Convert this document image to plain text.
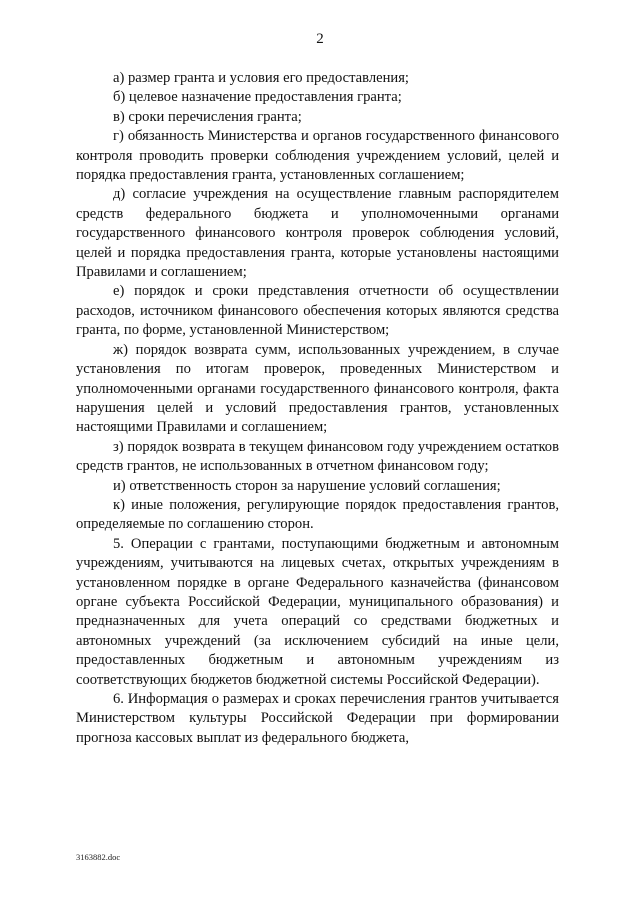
2

а) размер гранта и условия его предоставления;

б) целевое назначение предоставления гранта;

в) сроки перечисления гранта;

г) обязанность Министерства и органов государственного финансового контроля проводить проверки соблюдения учреждением условий, целей и порядка предоставления гранта, установленных соглашением;

д) согласие учреждения на осуществление главным распорядителем средств федерального бюджета и уполномоченными органами государственного финансового контроля проверок соблюдения условий, целей и порядка предоставления гранта, которые установлены настоящими Правилами и соглашением;

е) порядок и сроки представления отчетности об осуществлении расходов, источником финансового обеспечения которых являются средства гранта, по форме, установленной Министерством;

ж) порядок возврата сумм, использованных учреждением, в случае установления по итогам проверок, проведенных Министерством и уполномоченными органами государственного финансового контроля, факта нарушения целей и условий предоставления грантов, установленных настоящими Правилами и соглашением;

з) порядок возврата в текущем финансовом году учреждением остатков средств грантов, не использованных в отчетном финансовом году;

и) ответственность сторон за нарушение условий соглашения;

к) иные положения, регулирующие порядок предоставления грантов, определяемые по соглашению сторон.

5. Операции с грантами, поступающими бюджетным и автономным учреждениям, учитываются на лицевых счетах, открытых учреждениям в установленном порядке в органе Федерального казначейства (финансовом органе субъекта Российской Федерации, муниципального образования) и предназначенных для учета операций со средствами бюджетных и автономных учреждений (за исключением субсидий на иные цели, предоставленных бюджетным и автономным учреждениям из соответствующих бюджетов бюджетной системы Российской Федерации).

6. Информация о размерах и сроках перечисления грантов учитывается Министерством культуры Российской Федерации при формировании прогноза кассовых выплат из федерального бюджета,

3163882.doc
